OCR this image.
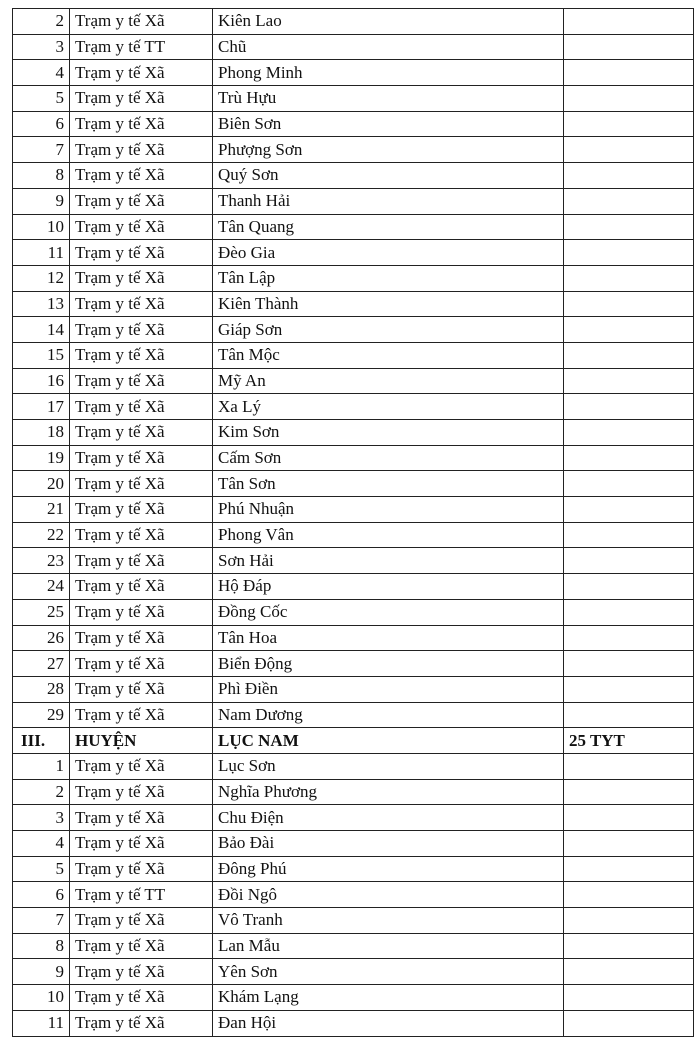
2	Trạm y tế Xã	Kiên Lao	
3	Trạm y tế TT	Chũ	
4	Trạm y tế Xã	Phong Minh	
5	Trạm y tế Xã	Trù Hựu	
6	Trạm y tế Xã	Biên Sơn	
7	Trạm y tế Xã	Phượng Sơn	
8	Trạm y tế Xã	Quý Sơn	
9	Trạm y tế Xã	Thanh Hải	
10	Trạm y tế Xã	Tân Quang	
11	Trạm y tế Xã	Đèo Gia	
12	Trạm y tế Xã	Tân Lập	
13	Trạm y tế Xã	Kiên Thành	
14	Trạm y tế Xã	Giáp Sơn	
15	Trạm y tế Xã	Tân Mộc	
16	Trạm y tế Xã	Mỹ An	
17	Trạm y tế Xã	Xa Lý	
18	Trạm y tế Xã	Kim Sơn	
19	Trạm y tế Xã	Cấm Sơn	
20	Trạm y tế Xã	Tân Sơn	
21	Trạm y tế Xã	Phú Nhuận	
22	Trạm y tế Xã	Phong Vân	
23	Trạm y tế Xã	Sơn Hải	
24	Trạm y tế Xã	Hộ Đáp	
25	Trạm y tế Xã	Đồng Cốc	
26	Trạm y tế Xã	Tân Hoa	
27	Trạm y tế Xã	Biển Động	
28	Trạm y tế Xã	Phì Điền	
29	Trạm y tế Xã	Nam Dương	
III.	HUYỆN	LỤC NAM	25 TYT
1	Trạm y tế Xã	Lục Sơn	
2	Trạm y tế Xã	Nghĩa Phương	
3	Trạm y tế Xã	Chu Điện	
4	Trạm y tế Xã	Bảo Đài	
5	Trạm y tế Xã	Đông Phú	
6	Trạm y tế TT	Đồi Ngô	
7	Trạm y tế Xã	Vô Tranh	
8	Trạm y tế Xã	Lan Mẫu	
9	Trạm y tế Xã	Yên Sơn	
10	Trạm y tế Xã	Khám Lạng	
11	Trạm y tế Xã	Đan Hội	
